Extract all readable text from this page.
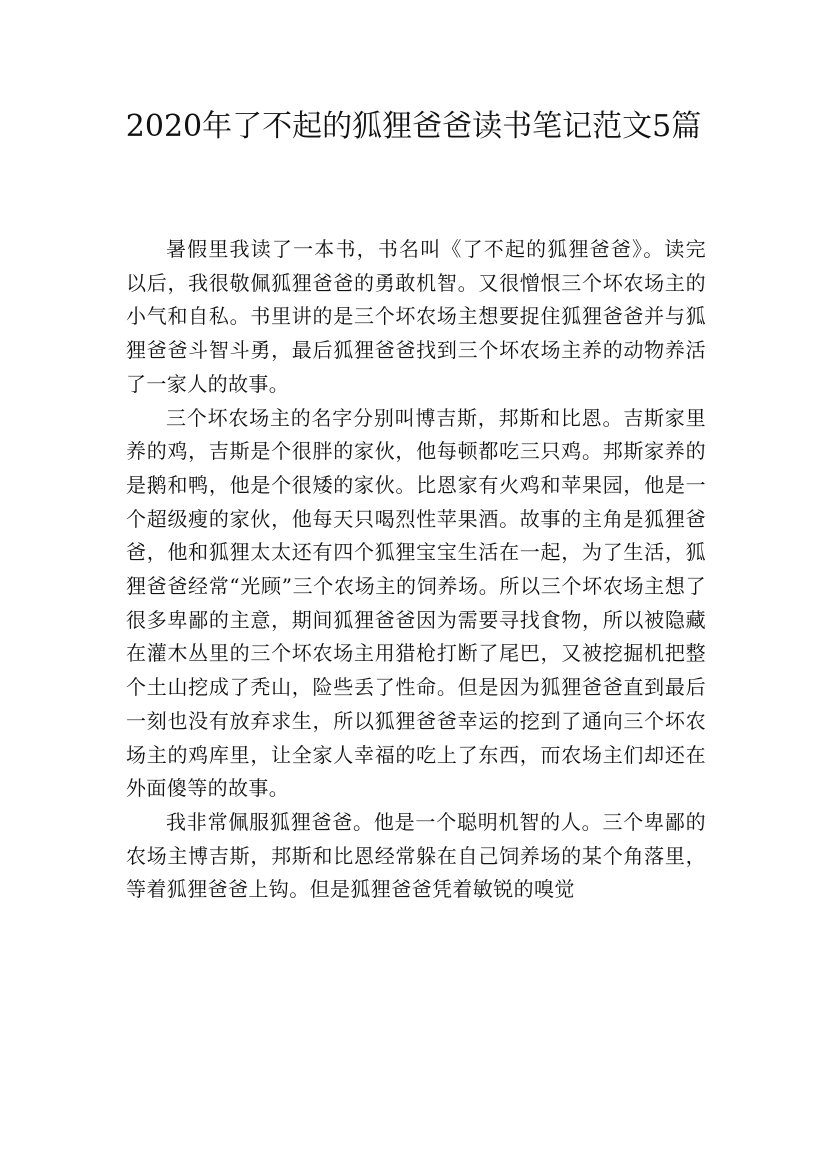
2020年了不起的狐狸爸爸读书笔记范文5篇

暑假里我读了一本书，书名叫《了不起的狐狸爸爸》。读完以后，我很敬佩狐狸爸爸的勇敢机智。又很憎恨三个坏农场主的小气和自私。书里讲的是三个坏农场主想要捉住狐狸爸爸并与狐狸爸爸斗智斗勇，最后狐狸爸爸找到三个坏农场主养的动物养活了一家人的故事。

三个坏农场主的名字分别叫博吉斯，邦斯和比恩。吉斯家里养的鸡，吉斯是个很胖的家伙，他每顿都吃三只鸡。邦斯家养的是鹅和鸭，他是个很矮的家伙。比恩家有火鸡和苹果园，他是一个超级瘦的家伙，他每天只喝烈性苹果酒。故事的主角是狐狸爸爸，他和狐狸太太还有四个狐狸宝宝生活在一起，为了生活，狐狸爸爸经常“光顾”三个农场主的饲养场。所以三个坏农场主想了很多卑鄙的主意，期间狐狸爸爸因为需要寻找食物，所以被隐藏在灌木丛里的三个坏农场主用猎枪打断了尾巴，又被挖掘机把整个土山挖成了秃山，险些丢了性命。但是因为狐狸爸爸直到最后一刻也没有放弃求生，所以狐狸爸爸幸运的挖到了通向三个坏农场主的鸡库里，让全家人幸福的吃上了东西，而农场主们却还在外面傻等的故事。

我非常佩服狐狸爸爸。他是一个聪明机智的人。三个卑鄙的农场主博吉斯，邦斯和比恩经常躲在自己饲养场的某个角落里，等着狐狸爸爸上钩。但是狐狸爸爸凭着敏锐的嗅觉
